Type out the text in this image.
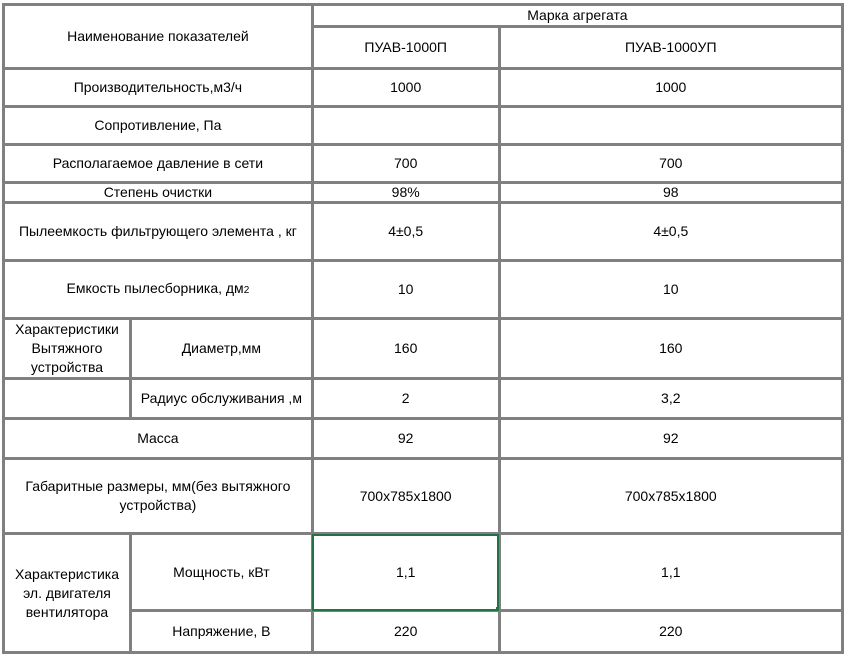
Наименование показателей		Марка агрегата	
		ПУАВ-1000П	ПУАВ-1000УП
Производительность,м3/ч		1000	1000
Сопротивление, Па			
Располагаемое давление в сети		700	700
Степень очистки		98%	98
Пылеемкость фильтрующего элемента , кг		4±0,5	4±0,5
Емкость пылесборника, дм2		10	10
Характеристики Вытяжного устройства	Диаметр,мм	160	160
	Радиус обслуживания ,м	2	3,2
Масса		92	92
Габаритные размеры, мм(без вытяжного устройства)		700x785x1800	700x785x1800
Характеристика эл. двигателя вентилятора	Мощность, кВт	1,1	1,1
	Напряжение, В	220	220
